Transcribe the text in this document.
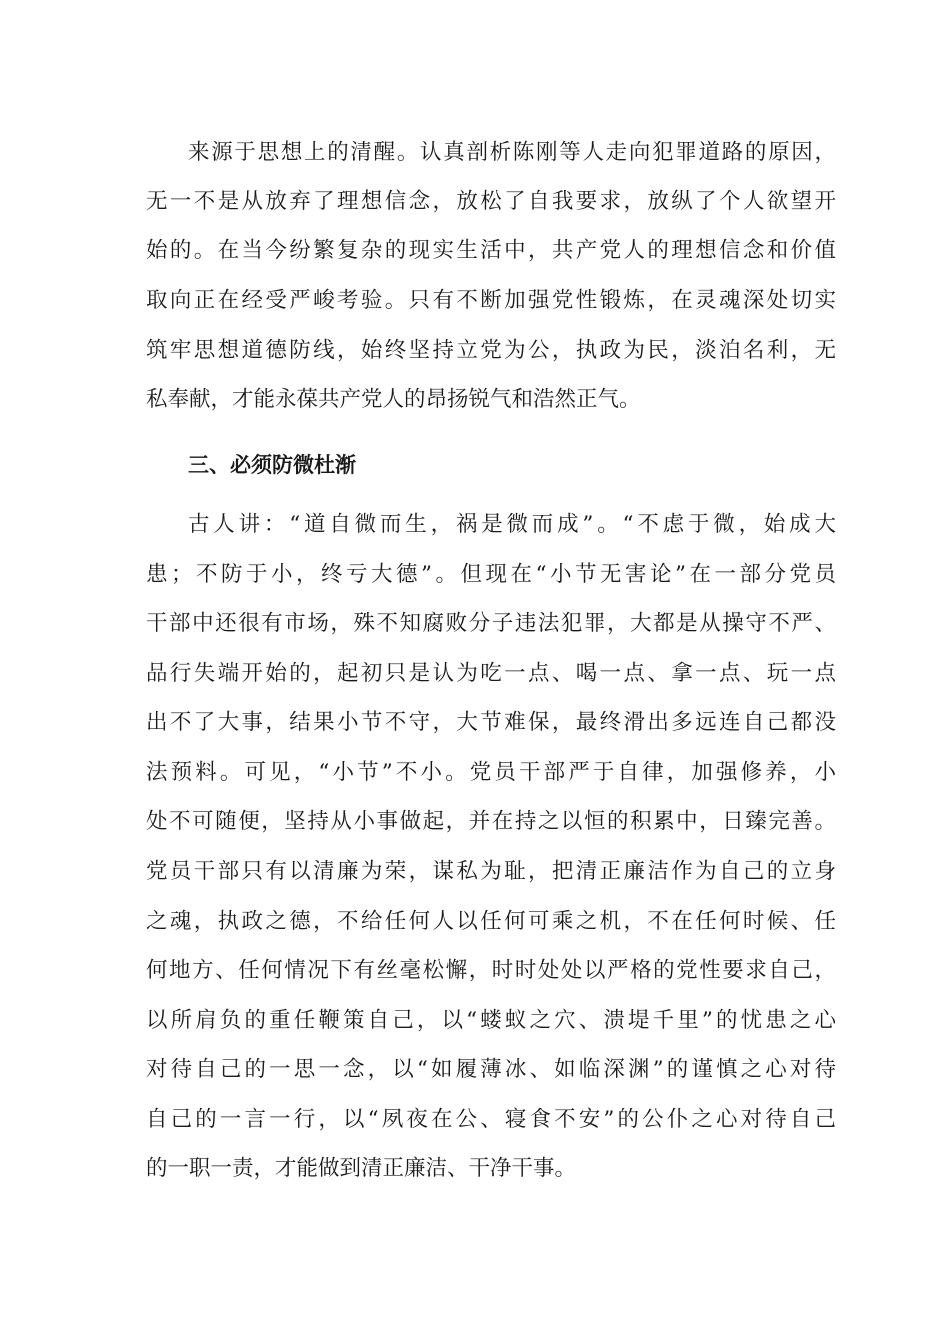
来源于思想上的清醒。认真剖析陈刚等人走向犯罪道路的原因，
无一不是从放弃了理想信念，放松了自我要求，放纵了个人欲望开
始的。在当今纷繁复杂的现实生活中，共产党人的理想信念和价值
取向正在经受严峻考验。只有不断加强党性锻炼，在灵魂深处切实
筑牢思想道德防线，始终坚持立党为公，执政为民，淡泊名利，无
私奉献，才能永葆共产党人的昂扬锐气和浩然正气。
三、必须防微杜渐
古人讲：“道自微而生，祸是微而成”。“不虑于微，始成大
患；不防于小，终亏大德”。但现在“小节无害论”在一部分党员
干部中还很有市场，殊不知腐败分子违法犯罪，大都是从操守不严、
品行失端开始的，起初只是认为吃一点、喝一点、拿一点、玩一点
出不了大事，结果小节不守，大节难保，最终滑出多远连自己都没
法预料。可见，“小节”不小。党员干部严于自律，加强修养，小
处不可随便，坚持从小事做起，并在持之以恒的积累中，日臻完善。
党员干部只有以清廉为荣，谋私为耻，把清正廉洁作为自己的立身
之魂，执政之德，不给任何人以任何可乘之机，不在任何时候、任
何地方、任何情况下有丝毫松懈，时时处处以严格的党性要求自己，
以所肩负的重任鞭策自己，以“蝼蚁之穴、溃堤千里”的忧患之心
对待自己的一思一念，以“如履薄冰、如临深渊”的谨慎之心对待
自己的一言一行，以“夙夜在公、寝食不安”的公仆之心对待自己
的一职一责，才能做到清正廉洁、干净干事。
